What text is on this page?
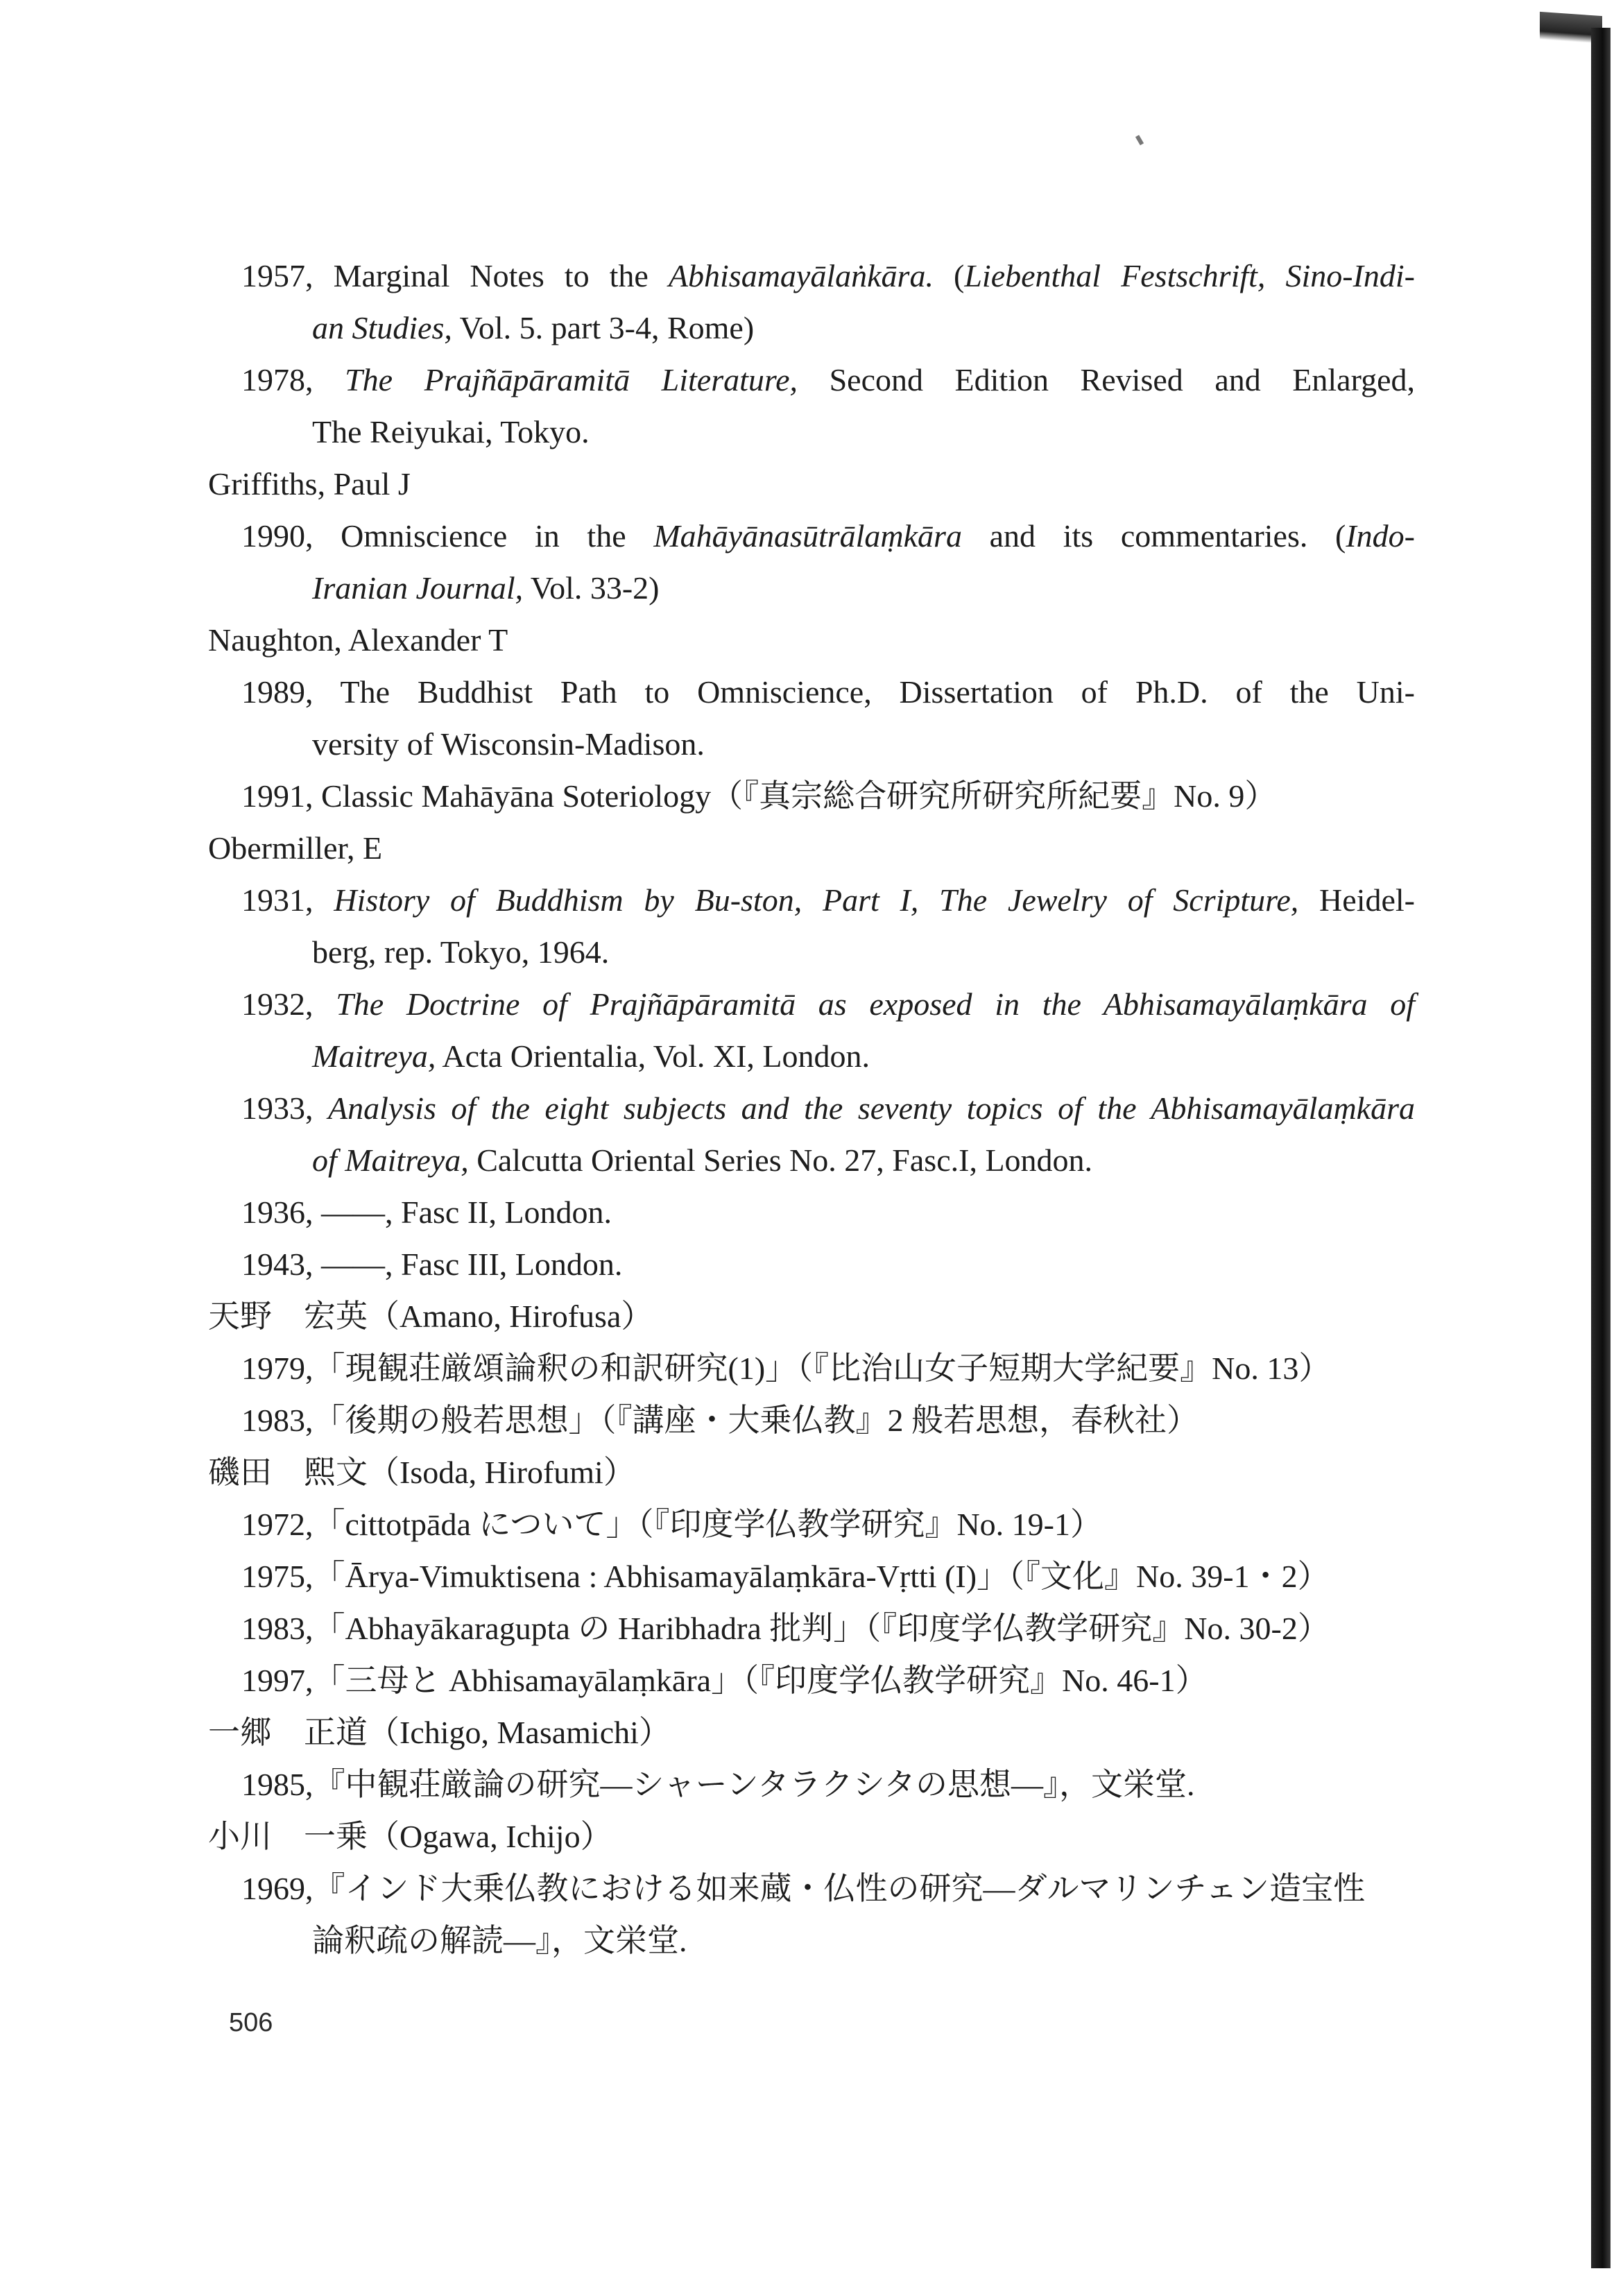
1957, Marginal Notes to the Abhisamayālaṅkāra. (Liebenthal Festschrift, Sino-Indi-
an Studies, Vol. 5. part 3-4, Rome)
1978, The Prajñāpāramitā Literature, Second Edition Revised and Enlarged,
The Reiyukai, Tokyo.
Griffiths, Paul J
1990, Omniscience in the Mahāyānasūtrālaṃkāra and its commentaries. (Indo-
Iranian Journal, Vol. 33-2)
Naughton, Alexander T
1989, The Buddhist Path to Omniscience, Dissertation of Ph.D. of the Uni-
versity of Wisconsin-Madison.
1991, Classic Mahāyāna Soteriology（『真宗総合研究所研究所紀要』No. 9）
Obermiller, E
1931, History of Buddhism by Bu-ston, Part I, The Jewelry of Scripture, Heidel-
berg, rep. Tokyo, 1964.
1932, The Doctrine of Prajñāpāramitā as exposed in the Abhisamayālaṃkāra of
Maitreya, Acta Orientalia, Vol. XI, London.
1933, Analysis of the eight subjects and the seventy topics of the Abhisamayālaṃkāra
of Maitreya, Calcutta Oriental Series No. 27, Fasc.I, London.
1936, ——, Fasc II, London.
1943, ——, Fasc III, London.
天野　宏英（Amano, Hirofusa）
1979,「現観荘厳頌論釈の和訳研究(1)」（『比治山女子短期大学紀要』No. 13）
1983,「後期の般若思想」（『講座・大乗仏教』2 般若思想，春秋社）
磯田　熙文（Isoda, Hirofumi）
1972,「cittotpāda について」（『印度学仏教学研究』No. 19-1）
1975,「Ārya-Vimuktisena : Abhisamayālaṃkāra-Vṛtti (I)」（『文化』No. 39-1・2）
1983,「Abhayākaragupta の Haribhadra 批判」（『印度学仏教学研究』No. 30-2）
1997,「三母と Abhisamayālaṃkāra」（『印度学仏教学研究』No. 46-1）
一郷　正道（Ichigo, Masamichi）
1985,『中観荘厳論の研究―シャーンタラクシタの思想―』，文栄堂.
小川　一乗（Ogawa, Ichijo）
1969,『インド大乗仏教における如来蔵・仏性の研究―ダルマリンチェン造宝性
論釈疏の解読―』，文栄堂.
506
